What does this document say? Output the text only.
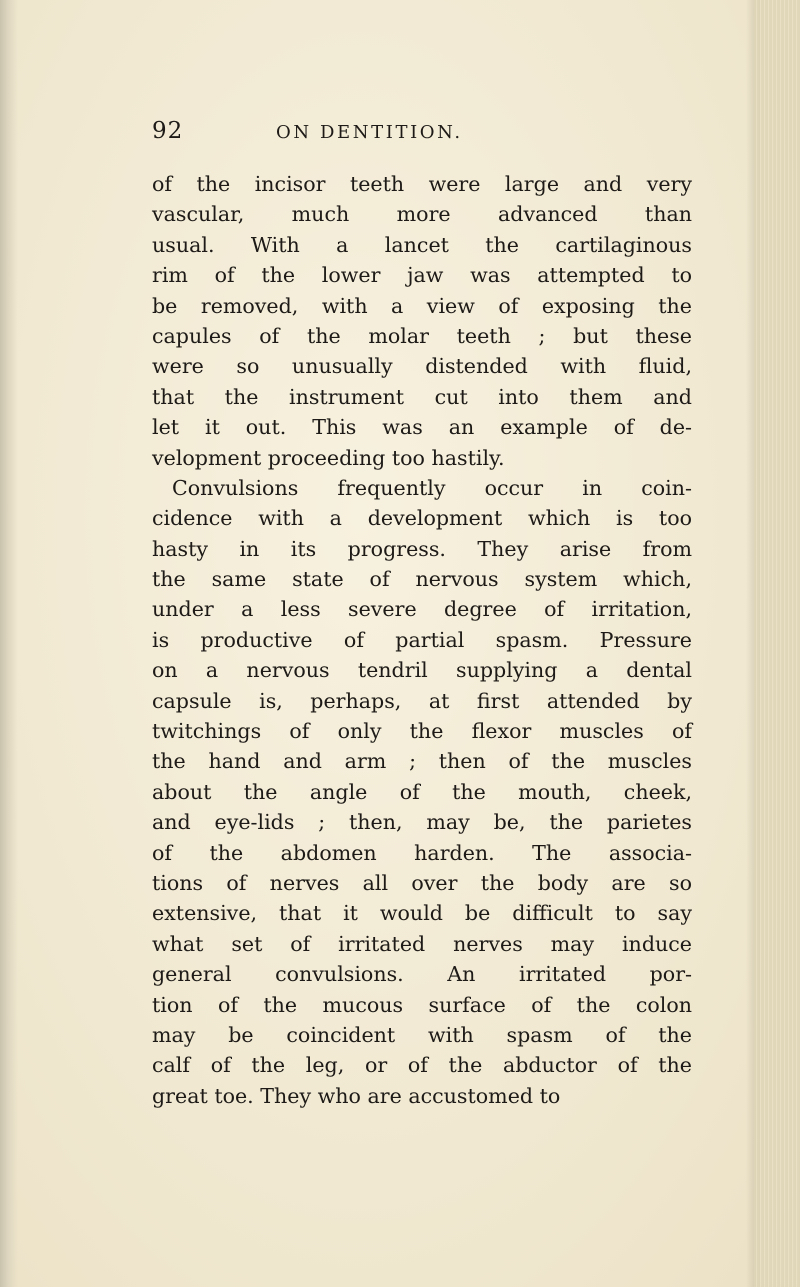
92	ON DENTITION.
of the incisor teeth were large and very
vascular, much more advanced than
usual. With a lancet the cartilaginous
rim of the lower jaw was attempted to
be removed, with a view of exposing the
capules of the molar teeth ; but these
were so unusually distended with fluid,
that the instrument cut into them and
let it out. This was an example of de-
velopment proceeding too hastily.
Convulsions frequently occur in coin-
cidence with a development which is too
hasty in its progress. They arise from
the same state of nervous system which,
under a less severe degree of irritation,
is productive of partial spasm. Pressure
on a nervous tendril supplying a dental
capsule is, perhaps, at first attended by
twitchings of only the flexor muscles of
the hand and arm ; then of the muscles
about the angle of the mouth, cheek,
and eye-lids ; then, may be, the parietes
of the abdomen harden. The associa-
tions of nerves all over the body are so
extensive, that it would be difficult to say
what set of irritated nerves may induce
general convulsions. An irritated por-
tion of the mucous surface of the colon
may be coincident with spasm of the
calf of the leg, or of the abductor of the
great toe. They who are accustomed to
